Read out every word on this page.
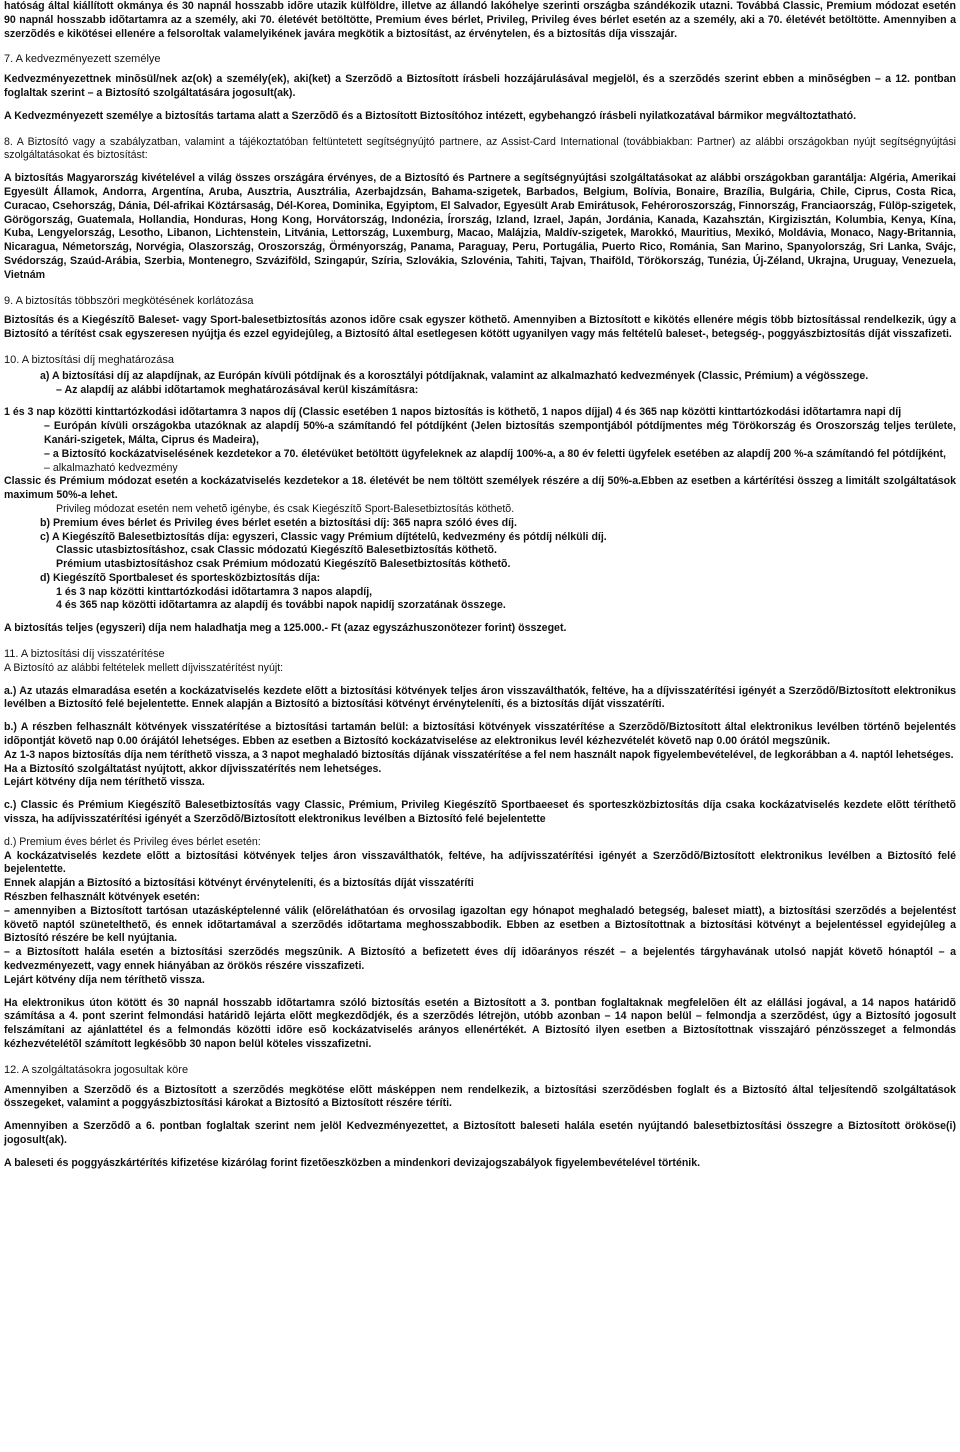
hatóság által kiállított okmánya és 30 napnál hosszabb idõre utazik külföldre, illetve az állandó lakóhelye szerinti országba szándékozik utazni. Továbbá Classic, Premium módozat esetén 90 napnál hosszabb idõtartamra az a személy, aki 70. életévét betöltötte, Premium éves bérlet, Privileg, Privileg éves bérlet esetén az a személy, aki a 70. életévét betöltötte. Amennyiben a szerzõdés e kikötései ellenére a felsoroltak valamelyikének javára megkötik a biztosítást, az érvénytelen, és a biztosítás díja visszajár.

7. A kedvezményezett személye

Kedvezményezettnek minõsül/nek az(ok) a személy(ek), aki(ket) a Szerzõdõ a Biztosított írásbeli hozzájárulásával megjelöl, és a szerzõdés szerint ebben a minõségben – a 12. pontban foglaltak szerint – a Biztosító szolgáltatására jogosult(ak).

A Kedvezményezett személye a biztosítás tartama alatt a Szerzõdõ és a Biztosított Biztosítóhoz intézett, egybehangzó írásbeli nyilatkozatával bármikor megváltoztatható.

8. A Biztosító vagy a szabályzatban, valamint a tájékoztatóban feltüntetett segítségnyújtó partnere, az Assist-Card International (továbbiakban: Partner) az alábbi országokban nyújt segítségnyújtási szolgáltatásokat és biztosítást:

A biztosítás Magyarország kivételével a világ összes országára érvényes, de a Biztosító és Partnere a segítségnyújtási szolgáltatásokat az alábbi országokban garantálja: Algéria, Amerikai Egyesült Államok, Andorra, Argentína, Aruba, Ausztria, Ausztrália, Azerbajdzsán, Bahama-szigetek, Barbados, Belgium, Bolívia, Bonaire, Brazília, Bulgária, Chile, Ciprus, Costa Rica, Curacao, Csehország, Dánia, Dél-afrikai Köztársaság, Dél-Korea, Dominika, Egyiptom, El Salvador, Egyesült Arab Emirátusok, Fehéroroszország, Finnország, Franciaország, Fülöp-szigetek, Görögország, Guatemala, Hollandia, Honduras, Hong Kong, Horvátország, Indonézia, Írország, Izland, Izrael, Japán, Jordánia, Kanada, Kazahsztán, Kirgizisztán, Kolumbia, Kenya, Kína, Kuba, Lengyelország, Lesotho, Libanon, Lichtenstein, Litvánia, Lettország, Luxemburg, Macao, Malájzia, Maldív-szigetek, Marokkó, Mauritius, Mexikó, Moldávia, Monaco, Nagy-Britannia, Nicaragua, Németország, Norvégia, Olaszország, Oroszország, Örményország, Panama, Paraguay, Peru, Portugália, Puerto Rico, Románia, San Marino, Spanyolország, Sri Lanka, Svájc, Svédország, Szaúd-Arábia, Szerbia, Montenegro, Szváziföld, Szingapúr, Szíria, Szlovákia, Szlovénia, Tahiti, Tajvan, Thaiföld, Törökország, Tunézia, Új-Zéland, Ukrajna, Uruguay, Venezuela, Vietnám

9. A biztosítás többszöri megkötésének korlátozása

Biztosítás és a Kiegészítõ Baleset- vagy Sport-balesetbiztosítás azonos idõre csak egyszer köthetõ. Amennyiben a Biztosított e kikötés ellenére mégis több biztosítással rendelkezik, úgy a Biztosító a térítést csak egyszeresen nyújtja és ezzel egyidejûleg, a Biztosító által esetlegesen kötött ugyanilyen vagy más feltételû baleset-, betegség-, poggyászbiztosítás díját visszafizeti.

10. A biztosítási díj meghatározása

a) A biztosítási díj az alapdíjnak, az Európán kívüli pótdíjnak és a korosztályi pótdíjaknak, valamint az alkalmazható kedvezmények (Classic, Prémium) a végösszege.

– Az alapdíj az alábbi idõtartamok meghatározásával kerül kiszámításra:

1 és 3 nap közötti kinttartózkodási idõtartamra 3 napos díj (Classic esetében 1 napos biztosítás is köthetõ, 1 napos díjjal) 4 és 365 nap közötti kinttartózkodási idõtartamra napi díj

– Európán kívüli országokba utazóknak az alapdíj 50%-a számítandó fel pótdíjként (Jelen biztosítás szempontjából pótdíjmentes még Törökország és Oroszország teljes területe, Kanári-szigetek, Málta, Ciprus és Madeira),

– a Biztosító kockázatviselésének kezdetekor a 70. életévüket betöltött ügyfeleknek az alapdíj 100%-a, a 80 év feletti ügyfelek esetében az alapdíj 200 %-a számítandó fel pótdíjként,

– alkalmazható kedvezmény

Classic és Prémium módozat esetén a kockázatviselés kezdetekor a 18. életévét be nem töltött személyek részére a díj 50%-a.Ebben az esetben a kártérítési összeg a limitált szolgáltatások maximum 50%-a lehet.

Privileg módozat esetén nem vehetõ igénybe, és csak Kiegészítõ Sport-Balesetbiztosítás köthetõ.

b) Premium éves bérlet és Privileg éves bérlet esetén a biztosítási díj: 365 napra szóló éves díj.

c) A Kiegészítõ Balesetbiztosítás díja: egyszeri, Classic vagy Prémium díjtételû, kedvezmény és pótdíj nélküli díj.

Classic utasbiztosításhoz, csak Classic módozatú Kiegészítõ Balesetbiztosítás köthetõ.

Prémium utasbiztosításhoz csak Prémium módozatú Kiegészítõ Balesetbiztosítás köthetõ.

d) Kiegészítõ Sportbaleset és sportesközbiztosítás díja:

1 és 3 nap közötti kinttartózkodási idõtartamra 3 napos alapdíj,

4 és 365 nap közötti idõtartamra az alapdíj és további napok napidíj szorzatának összege.

A biztosítás teljes (egyszeri) díja nem haladhatja meg a 125.000.- Ft (azaz egyszázhuszonötezer forint) összeget.

11. A biztosítási díj visszatérítése

A Biztosító az alábbi feltételek mellett díjvisszatérítést nyújt:

a.) Az utazás elmaradása esetén a kockázatviselés kezdete elõtt a biztosítási kötvények teljes áron visszaválthatók, feltéve, ha a díjvisszatérítési igényét a Szerzõdõ/Biztosított elektronikus levélben a Biztosító felé bejelentette. Ennek alapján a Biztosító a biztosítási kötvényt érvényteleníti, és a biztosítás díját visszatéríti.

b.) A részben felhasznált kötvények visszatérítése a biztosítási tartamán belül: a biztosítási kötvények visszatérítése a Szerzõdõ/Biztosított által elektronikus levélben történõ bejelentés idõpontját követõ nap 0.00 órájától lehetséges. Ebben az esetben a Biztosító kockázatviselése az elektronikus levél kézhezvételét követõ nap 0.00 órától megszûnik.

Az 1-3 napos biztosítás díja nem téríthetõ vissza, a 3 napot meghaladó biztosítás díjának visszatérítése a fel nem használt napok figyelembevételével, de legkorábban a 4. naptól lehetséges.

Ha a Biztosító szolgáltatást nyújtott, akkor díjvisszatérítés nem lehetséges.

Lejárt kötvény díja nem téríthetõ vissza.

c.) Classic és Prémium Kiegészítõ Balesetbiztosítás vagy Classic, Prémium, Privileg Kiegészítõ Sportbaeeset és sporteszközbiztosítás díja csaka kockázatviselés kezdete elõtt téríthetõ vissza, ha adíjvisszatérítési igényét a Szerzõdõ/Biztosított elektronikus levélben a Biztosító felé bejelentette

d.) Premium éves bérlet és Privileg éves bérlet esetén:

A kockázatviselés kezdete elõtt a biztosítási kötvények teljes áron visszaválthatók, feltéve, ha adíjvisszatérítési igényét a Szerzõdõ/Biztosított elektronikus levélben a Biztosító felé bejelentette.

Ennek alapján a Biztosító a biztosítási kötvényt érvényteleníti, és a biztosítás díját visszatéríti

Részben felhasznált kötvények esetén:

– amennyiben a Biztosított tartósan utazásképtelenné válik (elõreláthatóan és orvosilag igazoltan egy hónapot meghaladó betegség, baleset miatt), a biztosítási szerzõdés a bejelentést követõ naptól szünetelthetõ, és ennek idõtartamával a szerzõdés idõtartama meghosszabbodik. Ebben az esetben a Biztosítottnak a biztosítási kötvényt a bejelentéssel egyidejûleg a Biztosító részére be kell nyújtania.

– a Biztosított halála esetén a biztosítási szerzõdés megszûnik. A Biztosító a befizetett éves díj idõarányos részét – a bejelentés tárgyhavának utolsó napját követõ hónaptól – a kedvezményezett, vagy ennek hiányában az örökös részére visszafizeti.

Lejárt kötvény díja nem téríthetõ vissza.

Ha elektronikus úton kötött és 30 napnál hosszabb idõtartamra szóló biztosítás esetén a Biztosított a 3. pontban foglaltaknak megfelelõen élt az elállási jogával, a 14 napos határidõ számítása a 4. pont szerint felmondási határidõ lejárta elõtt megkezdõdjék, és a szerzõdés létrejön, utóbb azonban – 14 napon belül – felmondja a szerzõdést, úgy a Biztosító jogosult felszámítani az ajánlattétel és a felmondás közötti idõre esõ kockázatviselés arányos ellenértékét. A Biztosító ilyen esetben a Biztosítottnak visszajáró pénzösszeget a felmondás kézhezvételétõl számított legkésõbb 30 napon belül köteles visszafizetni.

12. A szolgáltatásokra jogosultak köre

Amennyiben a Szerzõdõ és a Biztosított a szerzõdés megkötése elõtt másképpen nem rendelkezik, a biztosítási szerzõdésben foglalt és a Biztosító által teljesítendõ szolgáltatások összegeket, valamint a poggyászbiztosítási károkat a Biztosító a Biztosított részére téríti.

Amennyiben a Szerzõdõ a 6. pontban foglaltak szerint nem jelöl Kedvezményezettet, a Biztosított baleseti halála esetén nyújtandó balesetbiztosítási összegre a Biztosított örököse(i) jogosult(ak).

A baleseti és poggyászkártérítés kifizetése kizárólag forint fizetõeszközben a mindenkori devizajogszabályok figyelembevételével történik.
